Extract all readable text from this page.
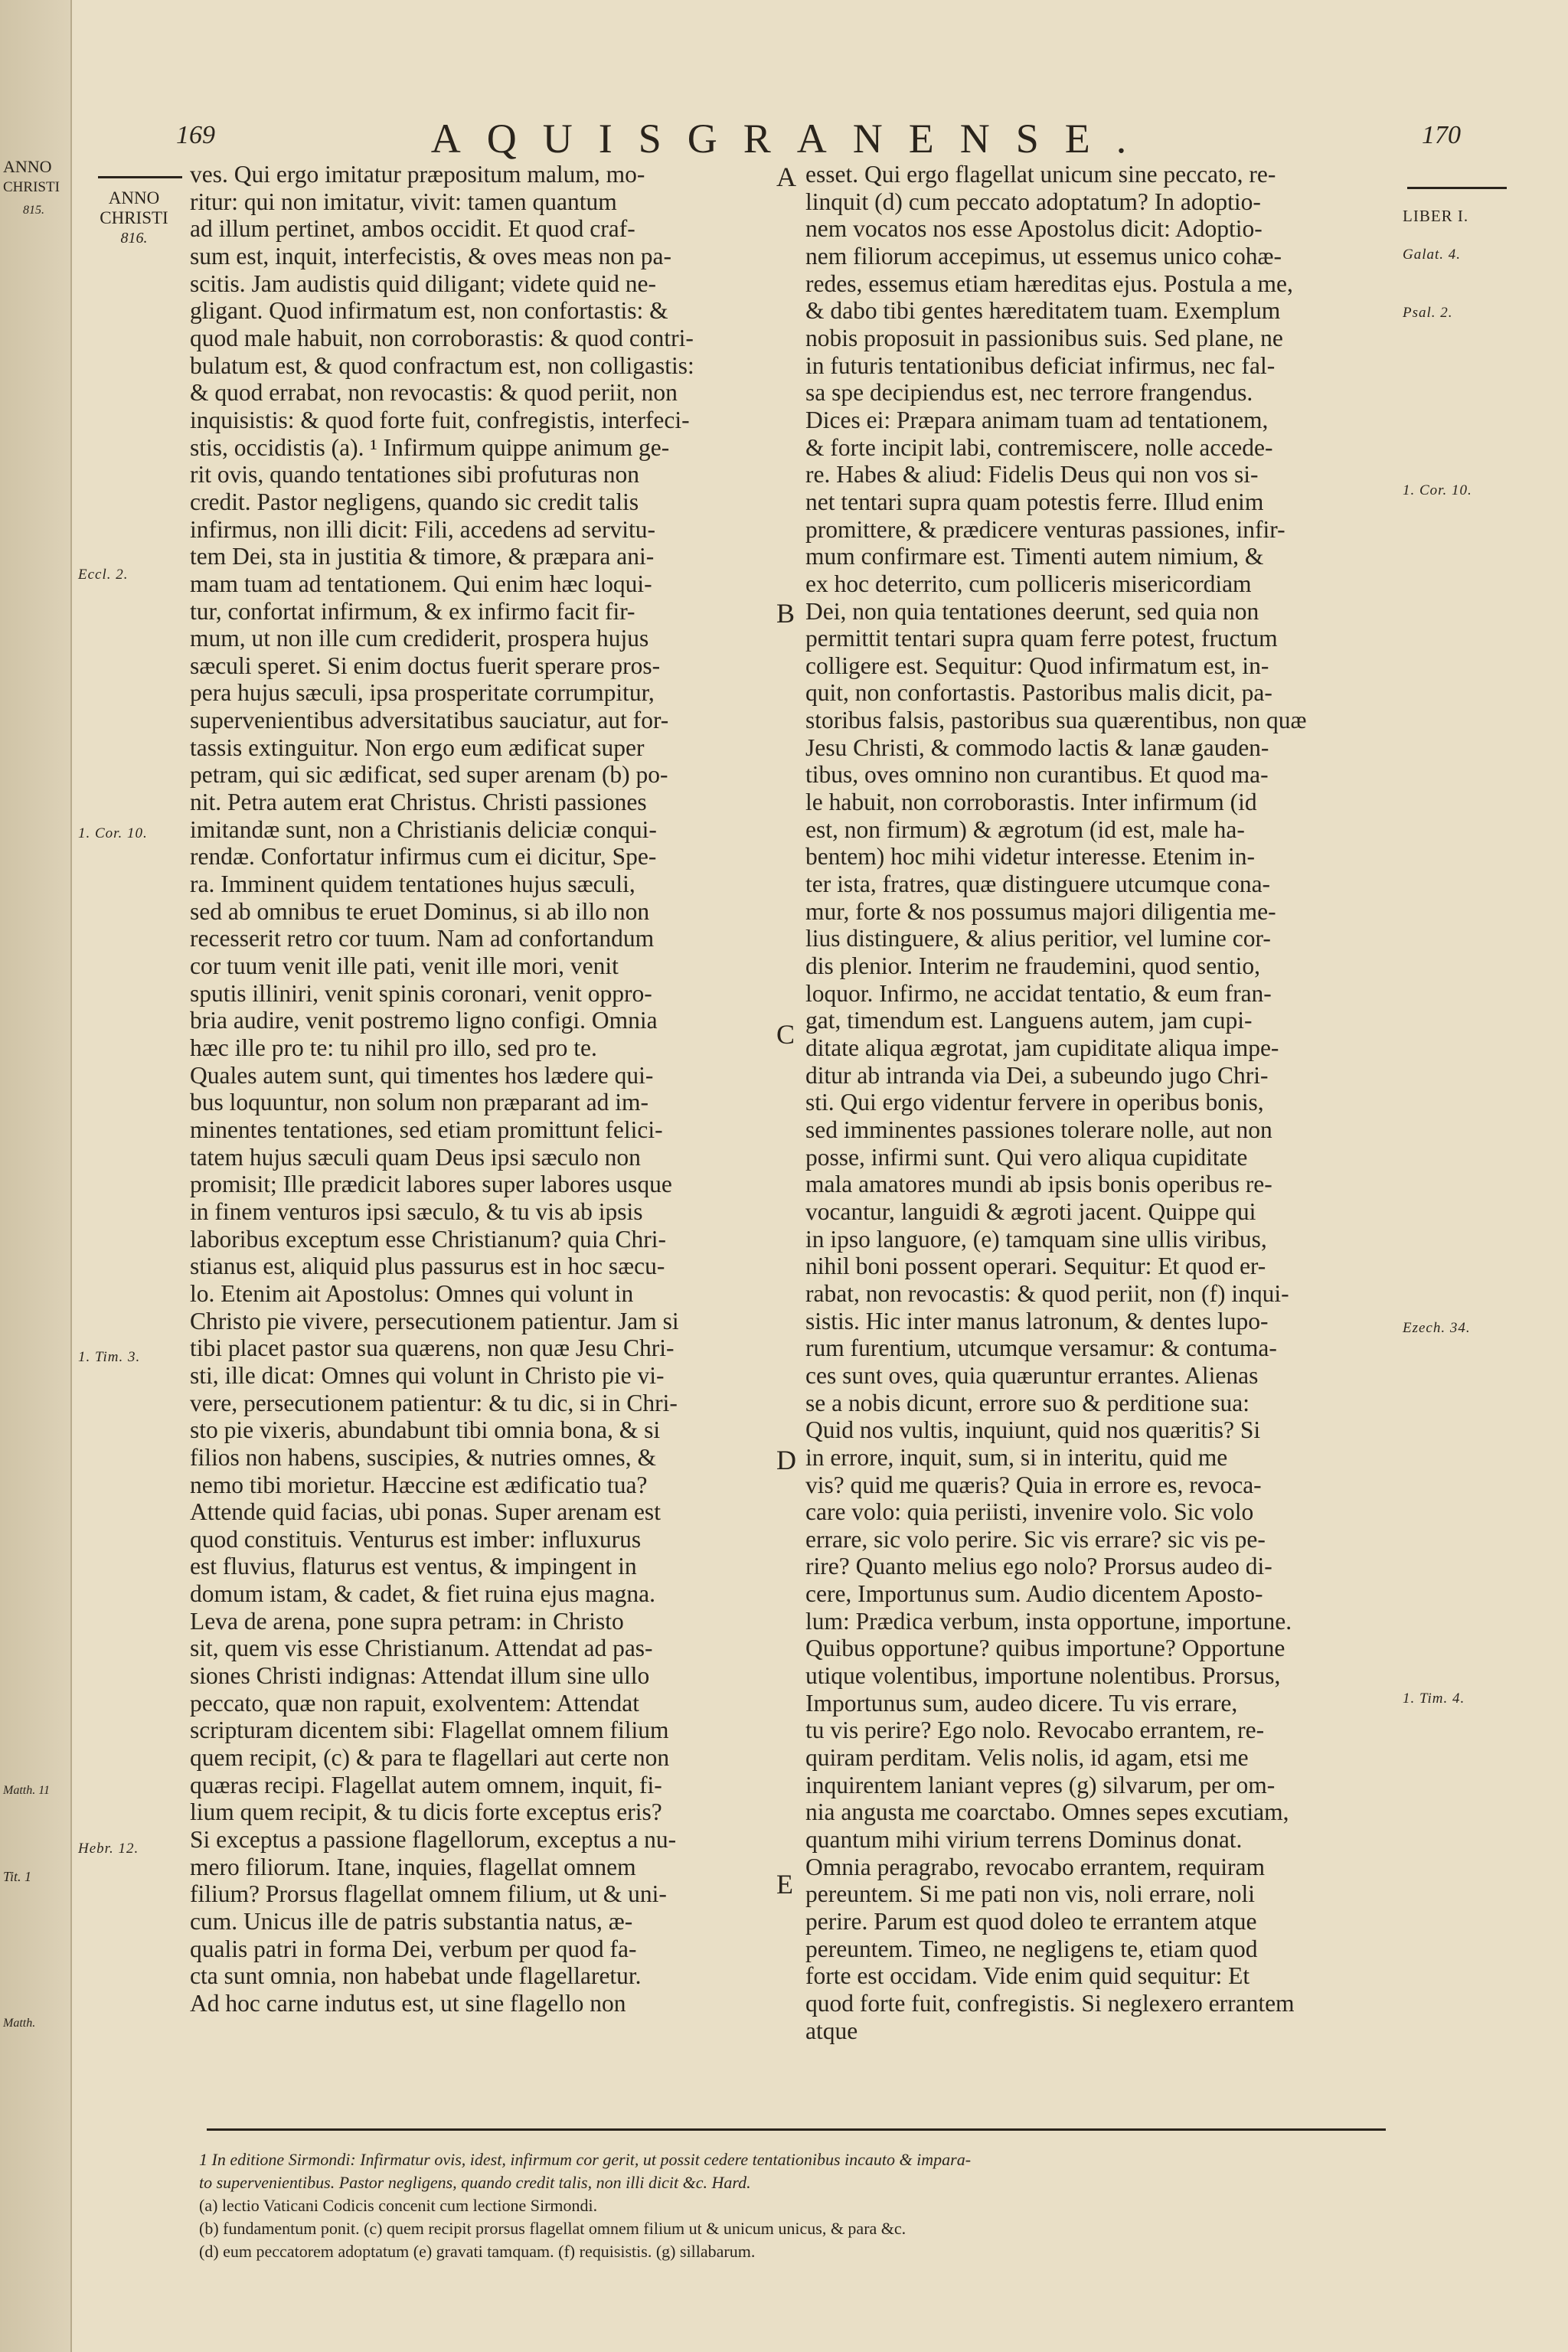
ANNO
CHRISTI
815.
Tit. 1
Matth. 11
Matth.
169	AQUISGRANENSE.	170
ANNO
CHRISTI
816.
Eccl. 2.
1. Cor. 10.
1. Tim. 3.
Hebr. 12.
LIBER I.
Galat. 4.
Psal. 2.
1. Cor. 10.
Ezech. 34.
1. Tim. 4.
A
B
C
D
E

ves. Qui ergo imitatur præpositum malum, mo-
ritur: qui non imitatur, vivit: tamen quantum
ad illum pertinet, ambos occidit. Et quod craf-
sum est, inquit, interfecistis, & oves meas non pa-
scitis. Jam audistis quid diligant; videte quid ne-
gligant. Quod infirmatum est, non confortastis: &
quod male habuit, non corroborastis: & quod contri-
bulatum est, & quod confractum est, non colligastis:
& quod errabat, non revocastis: & quod periit, non
inquisistis: & quod forte fuit, confregistis, interfeci-
stis, occidistis (a). ¹ Infirmum quippe animum ge-
rit ovis, quando tentationes sibi profuturas non
credit. Pastor negligens, quando sic credit talis
infirmus, non illi dicit: Fili, accedens ad servitu-
tem Dei, sta in justitia & timore, & præpara ani-
mam tuam ad tentationem. Qui enim hæc loqui-
tur, confortat infirmum, & ex infirmo facit fir-
mum, ut non ille cum crediderit, prospera hujus
sæculi speret. Si enim doctus fuerit sperare pros-
pera hujus sæculi, ipsa prosperitate corrumpitur,
supervenientibus adversitatibus sauciatur, aut for-
tassis extinguitur. Non ergo eum ædificat super
petram, qui sic ædificat, sed super arenam (b) po-
nit. Petra autem erat Christus. Christi passiones
imitandæ sunt, non a Christianis deliciæ conqui-
rendæ. Confortatur infirmus cum ei dicitur, Spe-
ra. Imminent quidem tentationes hujus sæculi,
sed ab omnibus te eruet Dominus, si ab illo non
recesserit retro cor tuum. Nam ad confortandum
cor tuum venit ille pati, venit ille mori, venit
sputis illiniri, venit spinis coronari, venit oppro-
bria audire, venit postremo ligno configi. Omnia
hæc ille pro te: tu nihil pro illo, sed pro te.
Quales autem sunt, qui timentes hos lædere qui-
bus loquuntur, non solum non præparant ad im-
minentes tentationes, sed etiam promittunt felici-
tatem hujus sæculi quam Deus ipsi sæculo non
promisit; Ille prædicit labores super labores usque
in finem venturos ipsi sæculo, & tu vis ab ipsis
laboribus exceptum esse Christianum? quia Chri-
stianus est, aliquid plus passurus est in hoc sæcu-
lo. Etenim ait Apostolus: Omnes qui volunt in
Christo pie vivere, persecutionem patientur. Jam si
tibi placet pastor sua quærens, non quæ Jesu Chri-
sti, ille dicat: Omnes qui volunt in Christo pie vi-
vere, persecutionem patientur: & tu dic, si in Chri-
sto pie vixeris, abundabunt tibi omnia bona, & si
filios non habens, suscipies, & nutries omnes, &
nemo tibi morietur. Hæccine est ædificatio tua?
Attende quid facias, ubi ponas. Super arenam est
quod constituis. Venturus est imber: influxurus
est fluvius, flaturus est ventus, & impingent in
domum istam, & cadet, & fiet ruina ejus magna.
Leva de arena, pone supra petram: in Christo
sit, quem vis esse Christianum. Attendat ad pas-
siones Christi indignas: Attendat illum sine ullo
peccato, quæ non rapuit, exolventem: Attendat
scripturam dicentem sibi: Flagellat omnem filium
quem recipit, (c) & para te flagellari aut certe non
quæras recipi. Flagellat autem omnem, inquit, fi-
lium quem recipit, & tu dicis forte exceptus eris?
Si exceptus a passione flagellorum, exceptus a nu-
mero filiorum. Itane, inquies, flagellat omnem
filium? Prorsus flagellat omnem filium, ut & uni-
cum. Unicus ille de patris substantia natus, æ-
qualis patri in forma Dei, verbum per quod fa-
cta sunt omnia, non habebat unde flagellaretur.
Ad hoc carne indutus est, ut sine flagello non

esset. Qui ergo flagellat unicum sine peccato, re-
linquit (d) cum peccato adoptatum? In adoptio-
nem vocatos nos esse Apostolus dicit: Adoptio-
nem filiorum accepimus, ut essemus unico cohæ-
redes, essemus etiam hæreditas ejus. Postula a me,
& dabo tibi gentes hæreditatem tuam. Exemplum
nobis proposuit in passionibus suis. Sed plane, ne
in futuris tentationibus deficiat infirmus, nec fal-
sa spe decipiendus est, nec terrore frangendus.
Dices ei: Præpara animam tuam ad tentationem,
& forte incipit labi, contremiscere, nolle accede-
re. Habes & aliud: Fidelis Deus qui non vos si-
net tentari supra quam potestis ferre. Illud enim
promittere, & prædicere venturas passiones, infir-
mum confirmare est. Timenti autem nimium, &
ex hoc deterrito, cum polliceris misericordiam
Dei, non quia tentationes deerunt, sed quia non
permittit tentari supra quam ferre potest, fructum
colligere est. Sequitur: Quod infirmatum est, in-
quit, non confortastis. Pastoribus malis dicit, pa-
storibus falsis, pastoribus sua quærentibus, non quæ
Jesu Christi, & commodo lactis & lanæ gauden-
tibus, oves omnino non curantibus. Et quod ma-
le habuit, non corroborastis. Inter infirmum (id
est, non firmum) & ægrotum (id est, male ha-
bentem) hoc mihi videtur interesse. Etenim in-
ter ista, fratres, quæ distinguere utcumque cona-
mur, forte & nos possumus majori diligentia me-
lius distinguere, & alius peritior, vel lumine cor-
dis plenior. Interim ne fraudemini, quod sentio,
loquor. Infirmo, ne accidat tentatio, & eum fran-
gat, timendum est. Languens autem, jam cupi-
ditate aliqua ægrotat, jam cupiditate aliqua impe-
ditur ab intranda via Dei, a subeundo jugo Chri-
sti. Qui ergo videntur fervere in operibus bonis,
sed imminentes passiones tolerare nolle, aut non
posse, infirmi sunt. Qui vero aliqua cupiditate
mala amatores mundi ab ipsis bonis operibus re-
vocantur, languidi & ægroti jacent. Quippe qui
in ipso languore, (e) tamquam sine ullis viribus,
nihil boni possent operari. Sequitur: Et quod er-
rabat, non revocastis: & quod periit, non (f) inqui-
sistis. Hic inter manus latronum, & dentes lupo-
rum furentium, utcumque versamur: & contuma-
ces sunt oves, quia quæruntur errantes. Alienas
se a nobis dicunt, errore suo & perditione sua:
Quid nos vultis, inquiunt, quid nos quæritis? Si
in errore, inquit, sum, si in interitu, quid me
vis? quid me quæris? Quia in errore es, revoca-
care volo: quia periisti, invenire volo. Sic volo
errare, sic volo perire. Sic vis errare? sic vis pe-
rire? Quanto melius ego nolo? Prorsus audeo di-
cere, Importunus sum. Audio dicentem Aposto-
lum: Prædica verbum, insta opportune, importune.
Quibus opportune? quibus importune? Opportune
utique volentibus, importune nolentibus. Prorsus,
Importunus sum, audeo dicere. Tu vis errare,
tu vis perire? Ego nolo. Revocabo errantem, re-
quiram perditam. Velis nolis, id agam, etsi me
inquirentem laniant vepres (g) silvarum, per om-
nia angusta me coarctabo. Omnes sepes excutiam,
quantum mihi virium terrens Dominus donat.
Omnia peragrabo, revocabo errantem, requiram
pereuntem. Si me pati non vis, noli errare, noli
perire. Parum est quod doleo te errantem atque
pereuntem. Timeo, ne negligens te, etiam quod
forte est occidam. Vide enim quid sequitur: Et
quod forte fuit, confregistis. Si neglexero errantem
atque

1 In editione Sirmondi: Infirmatur ovis, idest, infirmum cor gerit, ut possit cedere tentationibus incauto & impara-

to supervenientibus. Pastor negligens, quando credit talis, non illi dicit &c. Hard.

(a) lectio Vaticani Codicis concenit cum lectione Sirmondi.

(b) fundamentum ponit. (c) quem recipit prorsus flagellat omnem filium ut & unicum unicus, & para &c.

(d) eum peccatorem adoptatum (e) gravati tamquam. (f) requisistis. (g) sillabarum.
